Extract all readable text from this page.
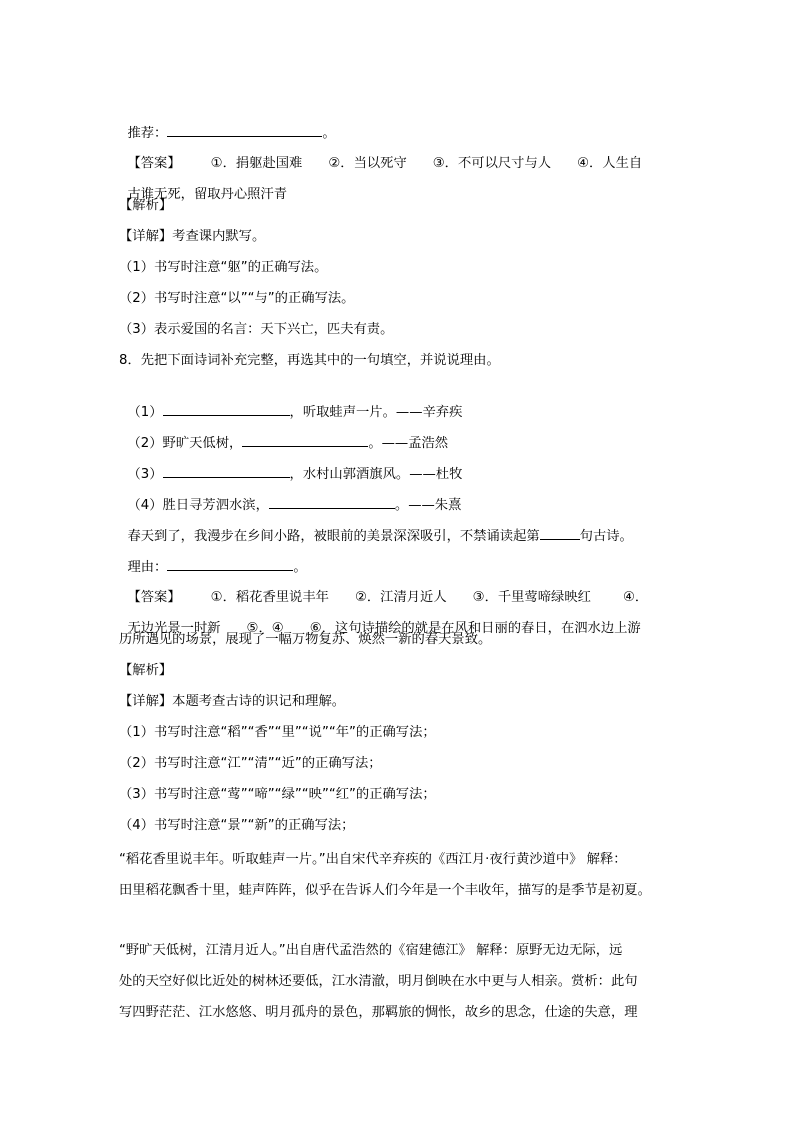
推荐：	。

【答案】 ①．捐躯赴国难 ②．当以死守 ③．不可以尺寸与人 ④．人生自

古谁无死，留取丹心照汗青

【解析】
【详解】考查课内默写。
（1）书写时注意“躯”的正确写法。
（2）书写时注意“以”“与”的正确写法。
（3）表示爱国的名言：天下兴亡，匹夫有责。
8．先把下面诗词补充完整，再选其中的一句填空，并说说理由。

（1）	，听取蛙声一片。——辛弃疾

（2）野旷天低树，	。——孟浩然

（3）	，水村山郭酒旗风。——杜牧

（4）胜日寻芳泗水滨，	。——朱熹

春天到了，我漫步在乡间小路，被眼前的美景深深吸引，不禁诵读起第	句古诗。

理由：	。

【答案】 ①．稻花香里说丰年 ②．江清月近人 ③．千里莺啼绿映红 ④．

无边光景一时新 ⑤．④ ⑥．这句诗描绘的就是在风和日丽的春日，在泗水边上游

历所遇见的场景，展现了一幅万物复苏、焕然一新的春天景致。
【解析】
【详解】本题考查古诗的识记和理解。
（1）书写时注意“稻”“香”“里”“说”“年”的正确写法；
（2）书写时注意“江”“清”“近”的正确写法；
（3）书写时注意“莺”“啼”“绿”“映”“红”的正确写法；
（4）书写时注意“景”“新”的正确写法；
“稻花香里说丰年。听取蛙声一片。”出自宋代辛弃疾的《西江月·夜行黄沙道中》 解释：
田里稻花飘香十里，蛙声阵阵，似乎在告诉人们今年是一个丰收年，描写的是季节是初夏。
“野旷天低树，江清月近人。”出自唐代孟浩然的《宿建德江》 解释：原野无边无际，远
处的天空好似比近处的树林还要低，江水清澈，明月倒映在水中更与人相亲。赏析：此句
写四野茫茫、江水悠悠、明月孤舟的景色，那羁旅的惆怅，故乡的思念，仕途的失意，理
